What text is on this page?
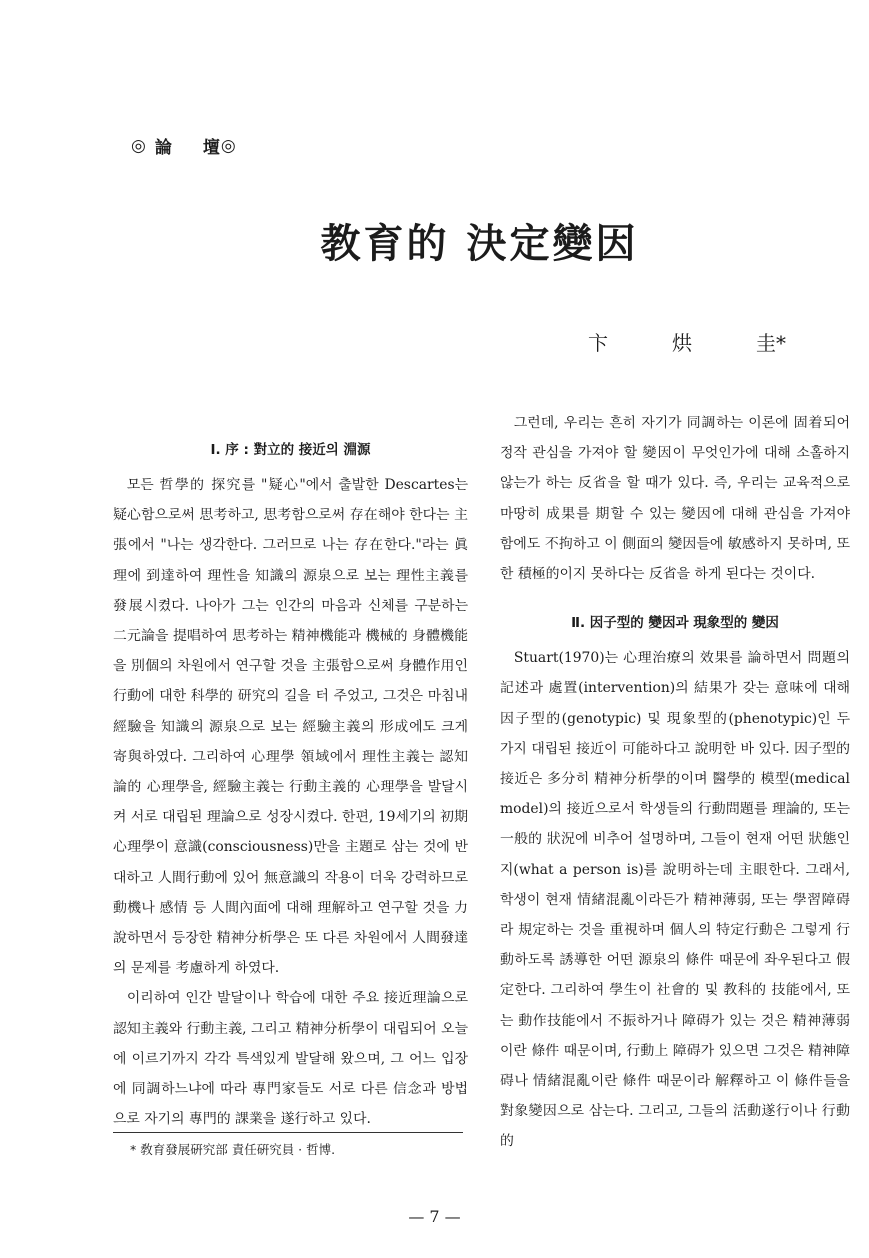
◎ 論 壇 ◎
教育的 決定變因
卞	烘	圭*
Ⅰ. 序 : 對立的 接近의 淵源

모든 哲學的 探究를 "疑心"에서 출발한 Descartes는 疑心함으로써 思考하고, 思考함으로써 存在해야 한다는 主張에서 "나는 생각한다. 그러므로 나는 存在한다."라는 眞理에 到達하여 理性을 知識의 源泉으로 보는 理性主義를 發展시켰다. 나아가 그는 인간의 마음과 신체를 구분하는 二元論을 提唱하여 思考하는 精神機能과 機械的 身體機能을 別個의 차원에서 연구할 것을 主張함으로써 身體作用인 行動에 대한 科學的 研究의 길을 터 주었고, 그것은 마침내 經驗을 知識의 源泉으로 보는 經驗主義의 形成에도 크게 寄與하였다. 그리하여 心理學 領域에서 理性主義는 認知論的 心理學을, 經驗主義는 行動主義的 心理學을 발달시켜 서로 대립된 理論으로 성장시켰다. 한편, 19세기의 初期 心理學이 意識(consciousness)만을 主題로 삼는 것에 반대하고 人間行動에 있어 無意識의 작용이 더욱 강력하므로 動機나 感情 등 人間內面에 대해 理解하고 연구할 것을 力說하면서 등장한 精神分析學은 또 다른 차원에서 人間發達의 문제를 考慮하게 하였다.

이리하여 인간 발달이나 학습에 대한 주요 接近理論으로 認知主義와 行動主義, 그리고 精神分析學이 대립되어 오늘에 이르기까지 각각 특색있게 발달해 왔으며, 그 어느 입장에 同調하느냐에 따라 專門家들도 서로 다른 信念과 방법으로 자기의 專門的 課業을 遂行하고 있다.

그런데, 우리는 흔히 자기가 同調하는 이론에 固着되어 정작 관심을 가져야 할 變因이 무엇인가에 대해 소홀하지 않는가 하는 反省을 할 때가 있다. 즉, 우리는 교육적으로 마땅히 成果를 期할 수 있는 變因에 대해 관심을 가져야 함에도 不拘하고 이 側面의 變因들에 敏感하지 못하며, 또한 積極的이지 못하다는 反省을 하게 된다는 것이다.

Ⅱ. 因子型的 變因과 現象型的 變因

Stuart(1970)는 心理治療의 效果를 論하면서 問題의 記述과 處置(intervention)의 結果가 갖는 意味에 대해 因子型的(genotypic) 및 現象型的(phenotypic)인 두 가지 대립된 接近이 可能하다고 說明한 바 있다. 因子型的 接近은 多分히 精神分析學的이며 醫學的 模型(medical model)의 接近으로서 학생들의 行動問題를 理論的, 또는 一般的 狀況에 비추어 설명하며, 그들이 현재 어떤 狀態인지(what a person is)를 說明하는데 主眼한다. 그래서, 학생이 현재 情緒混亂이라든가 精神薄弱, 또는 學習障碍라 規定하는 것을 重視하며 個人의 特定行動은 그렇게 行動하도록 誘導한 어떤 源泉의 條件 때문에 좌우된다고 假定한다. 그리하여 學生이 社會的 및 教科的 技能에서, 또는 動作技能에서 不振하거나 障碍가 있는 것은 精神薄弱이란 條件 때문이며, 行動上 障碍가 있으면 그것은 精神障碍나 情緒混亂이란 條件 때문이라 解釋하고 이 條件들을 對象變因으로 삼는다. 그리고, 그들의 活動遂行이나 行動的

* 敎育發展硏究部 責任硏究員 · 哲博.
— 7 —
